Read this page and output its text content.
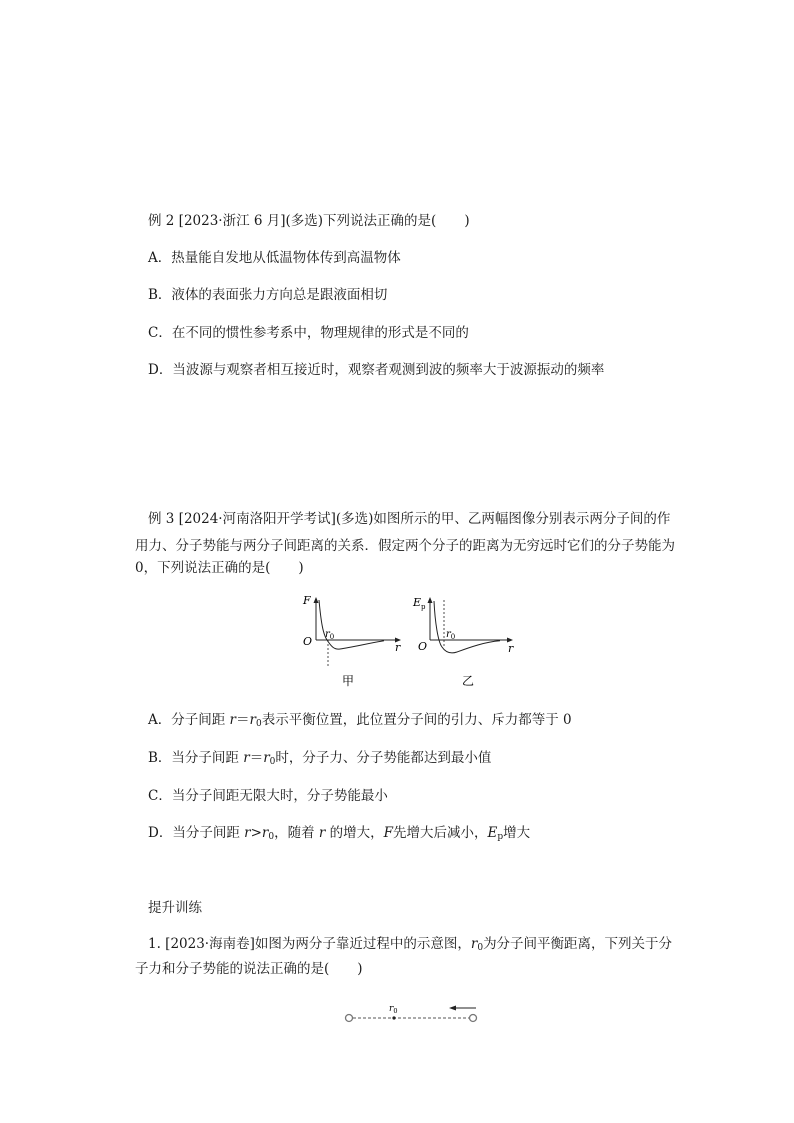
例 2 [2023·浙江 6 月](多选)下列说法正确的是( )
A．热量能自发地从低温物体传到高温物体
B．液体的表面张力方向总是跟液面相切
C．在不同的惯性参考系中，物理规律的形式是不同的
D．当波源与观察者相互接近时，观察者观测到波的频率大于波源振动的频率
例 3 [2024·河南洛阳开学考试](多选)如图所示的甲、乙两幅图像分别表示两分子间的作
用力、分子势能与两分子间距离的关系．假定两个分子的距离为无穷远时它们的分子势能为
0，下列说法正确的是( )
F
O	r
$r_0$
甲
$E_p$
O	r
$r_0$
乙
A．分子间距 $r=r_0$表示平衡位置，此位置分子间的引力、斥力都等于 0
B．当分子间距 $r=r_0$时，分子力、分子势能都达到最小值
C．当分子间距无限大时，分子势能最小
D．当分子间距 $r>r_0$，随着 r 的增大，F先增大后减小，$E_p$增大
提升训练
1. [2023·海南卷]如图为两分子靠近过程中的示意图，$r_0$为分子间平衡距离，下列关于分
子力和分子势能的说法正确的是( )
$r_0$
